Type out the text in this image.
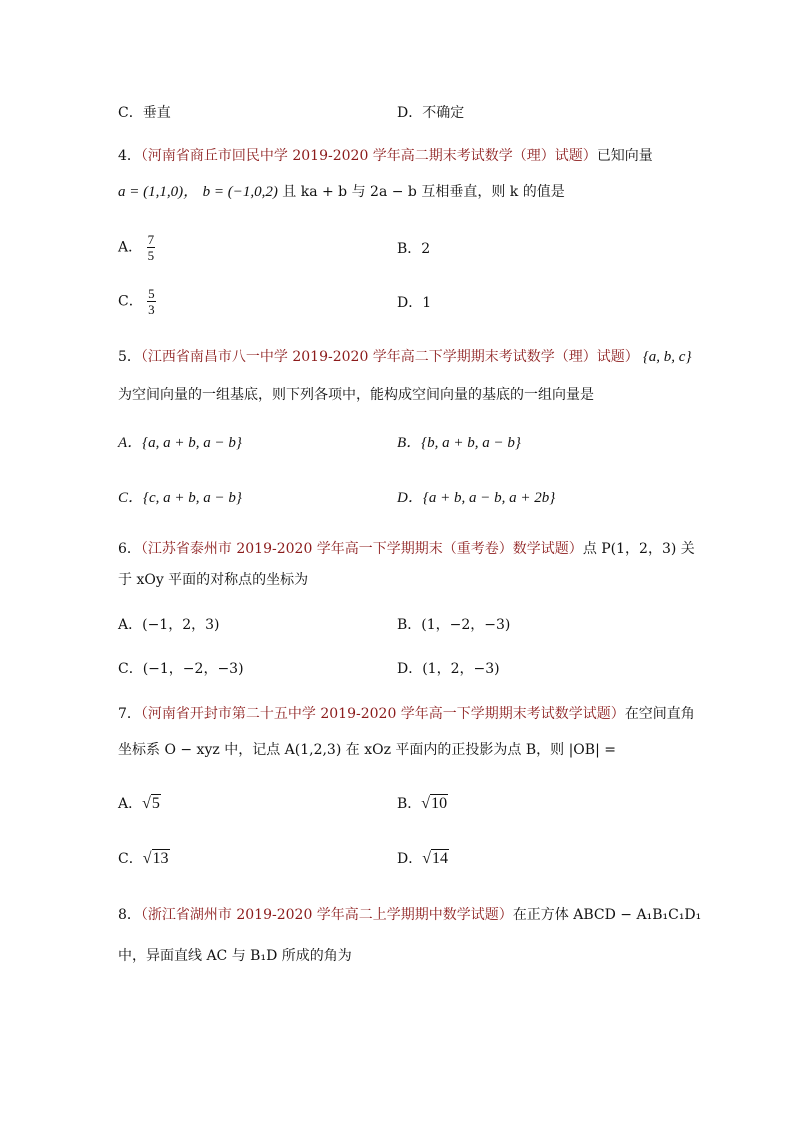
C．垂直	D．不确定
4．（河南省商丘市回民中学 2019-2020 学年高二期末考试数学（理）试题）已知向量
a = (1,1,0)， b = (−1,0,2) 且 ka + b 与 2a − b 互相垂直，则 k 的值是
A． $\frac{7}{5}$	B．2
C． $\frac{5}{3}$	D．1
5．（江西省南昌市八一中学 2019-2020 学年高二下学期期末考试数学（理）试题） {a, b, c}
为空间向量的一组基底，则下列各项中，能构成空间向量的基底的一组向量是
A．{a, a + b, a − b}	B．{b, a + b, a − b}
C．{c, a + b, a − b}	D．{a + b, a − b, a + 2b}
6．（江苏省泰州市 2019-2020 学年高一下学期期末（重考卷）数学试题）点 P(1，2，3) 关
于 xOy 平面的对称点的坐标为
A．(−1，2，3)	B．(1，−2，−3)
C．(−1，−2，−3)	D．(1，2，−3)
7．（河南省开封市第二十五中学 2019-2020 学年高一下学期期末考试数学试题）在空间直角
坐标系 O − xyz 中，记点 A(1,2,3) 在 xOz 平面内的正投影为点 B，则 |OB| =
A．√5	B．√10
C．√13	D．√14
8．（浙江省湖州市 2019-2020 学年高二上学期期中数学试题）在正方体 ABCD − A₁B₁C₁D₁
中，异面直线 AC 与 B₁D 所成的角为
